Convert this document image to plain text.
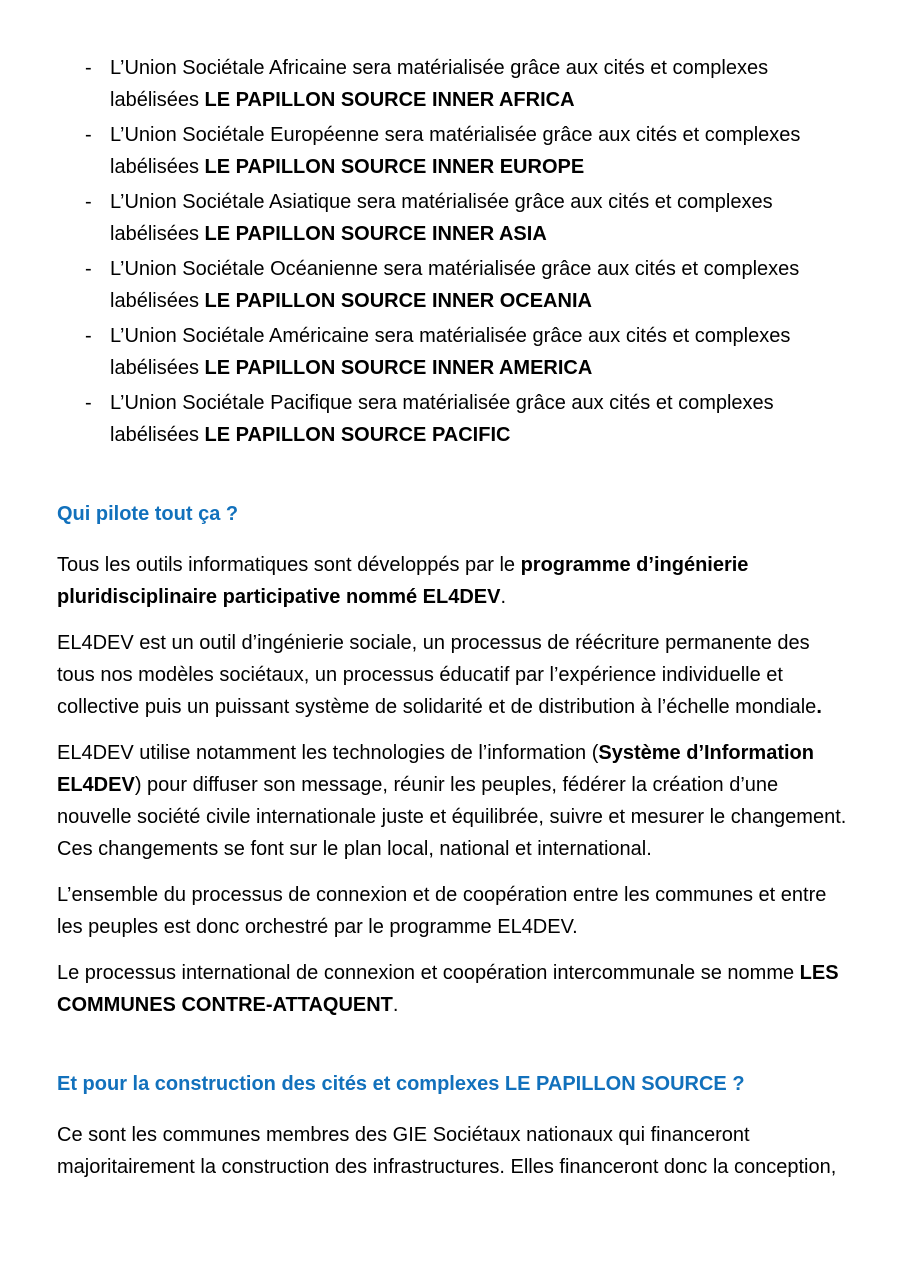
- L’Union Sociétale Africaine sera matérialisée grâce aux cités et complexes labélisées LE PAPILLON SOURCE INNER AFRICA
- L’Union Sociétale Européenne sera matérialisée grâce aux cités et complexes labélisées LE PAPILLON SOURCE INNER EUROPE
- L’Union Sociétale Asiatique sera matérialisée grâce aux cités et complexes labélisées LE PAPILLON SOURCE INNER ASIA
- L’Union Sociétale Océanienne sera matérialisée grâce aux cités et complexes labélisées LE PAPILLON SOURCE INNER OCEANIA
- L’Union Sociétale Américaine sera matérialisée grâce aux cités et complexes labélisées LE PAPILLON SOURCE INNER AMERICA
- L’Union Sociétale Pacifique sera matérialisée grâce aux cités et complexes labélisées LE PAPILLON SOURCE PACIFIC
Qui pilote tout ça ?

Tous les outils informatiques sont développés par le programme d’ingénierie pluridisciplinaire participative nommé EL4DEV.

EL4DEV est un outil d’ingénierie sociale, un processus de réécriture permanente des tous nos modèles sociétaux, un processus éducatif par l’expérience individuelle et collective puis un puissant système de solidarité et de distribution à l’échelle mondiale.

EL4DEV utilise notamment les technologies de l’information (Système d’Information EL4DEV) pour diffuser son message, réunir les peuples, fédérer la création d’une nouvelle société civile internationale juste et équilibrée, suivre et mesurer le changement. Ces changements se font sur le plan local, national et international.

L’ensemble du processus de connexion et de coopération entre les communes et entre les peuples est donc orchestré par le programme EL4DEV.

Le processus international de connexion et coopération intercommunale se nomme LES COMMUNES CONTRE-ATTAQUENT.

Et pour la construction des cités et complexes LE PAPILLON SOURCE ?

Ce sont les communes membres des GIE Sociétaux nationaux qui financeront majoritairement la construction des infrastructures. Elles financeront donc la conception,
